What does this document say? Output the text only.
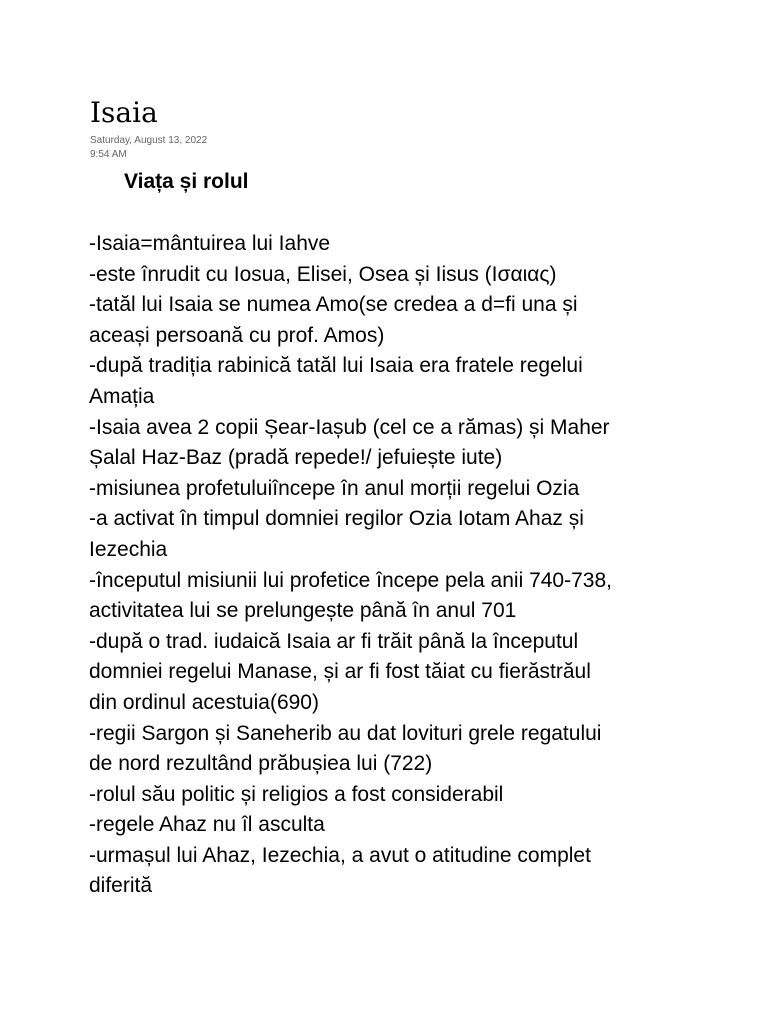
Isaia
Saturday, August 13, 2022
9:54 AM
Viața și rolul
-Isaia=mântuirea lui Iahve
-este înrudit cu Iosua, Elisei, Osea și Iisus (Ισαιας)
-tatăl lui Isaia se numea Amo(se credea a d=fi una și
aceași persoană cu prof. Amos)
-după tradiția rabinică tatăl lui Isaia era fratele regelui
Amația
-Isaia avea 2 copii Șear-Iașub (cel ce a rămas) și Maher
Șalal Haz-Baz (pradă repede!/ jefuiește iute)
-misiunea profetuluiîncepe în anul morții regelui Ozia
-a activat în timpul domniei regilor Ozia Iotam Ahaz și
Iezechia
-începutul misiunii lui profetice începe pela anii 740-738,
activitatea lui se prelungește până în anul 701
-după o trad. iudaică Isaia ar fi trăit până la începutul
domniei regelui Manase, și ar fi fost tăiat cu fierăstrăul
din ordinul acestuia(690)
-regii Sargon și Saneherib au dat lovituri grele regatului
de nord rezultând prăbușiea lui (722)
-rolul său politic și religios a fost considerabil
-regele Ahaz nu îl asculta
-urmașul lui Ahaz, Iezechia, a avut o atitudine complet
diferită
